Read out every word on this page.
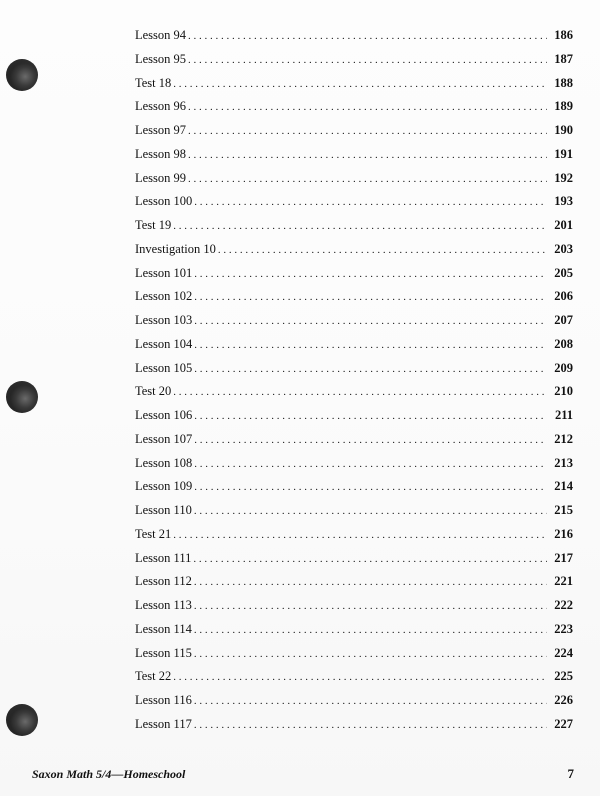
Lesson 94 . . .	186
Lesson 95 . . .	187
Test 18 . . .	188
Lesson 96 . . .	189
Lesson 97 . . .	190
Lesson 98 . . .	191
Lesson 99 . . .	192
Lesson 100 . . .	193
Test 19 . . .	201
Investigation 10 . . .	203
Lesson 101 . . .	205
Lesson 102 . . .	206
Lesson 103 . . .	207
Lesson 104 . . .	208
Lesson 105 . . .	209
Test 20 . . .	210
Lesson 106 . . .	211
Lesson 107 . . .	212
Lesson 108 . . .	213
Lesson 109 . . .	214
Lesson 110 . . .	215
Test 21 . . .	216
Lesson 111 . . .	217
Lesson 112 . . .	221
Lesson 113 . . .	222
Lesson 114 . . .	223
Lesson 115 . . .	224
Test 22 . . .	225
Lesson 116 . . .	226
Lesson 117 . . .	227
Saxon Math 5/4—Homeschool	7
